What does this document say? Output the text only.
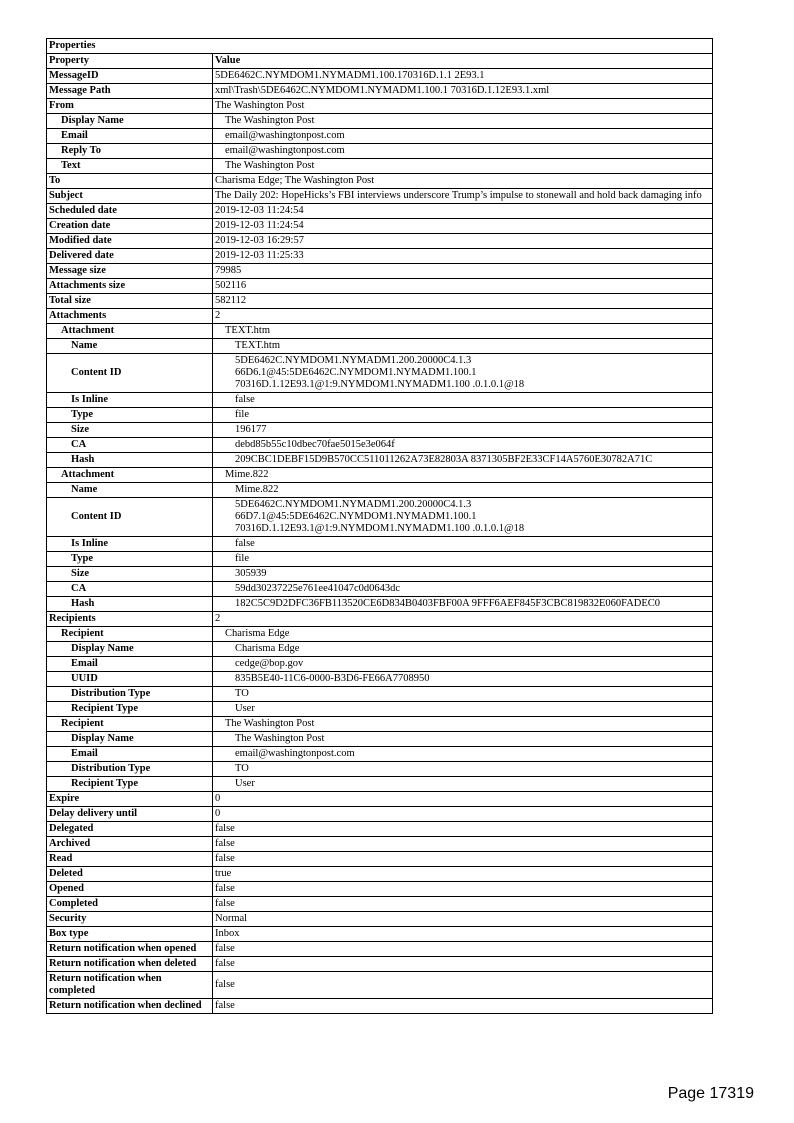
Properties	
Property	Value
MessageID	5DE6462C.NYMDOM1.NYMADM1.100.170316D.1.1 2E93.1
Message Path	xml\Trash\5DE6462C.NYMDOM1.NYMADM1.100.1 70316D.1.12E93.1.xml
From	The Washington Post
Display Name	The Washington Post
Email	email@washingtonpost.com
Reply To	email@washingtonpost.com
Text	The Washington Post
To	Charisma Edge; The Washington Post
Subject	The Daily 202: HopeHicks’s FBI interviews underscore Trump’s impulse to stonewall and hold back damaging info
Scheduled date	2019-12-03 11:24:54
Creation date	2019-12-03 11:24:54
Modified date	2019-12-03 16:29:57
Delivered date	2019-12-03 11:25:33
Message size	79985
Attachments size	502116
Total size	582112
Attachments	2
Attachment	TEXT.htm
Name	TEXT.htm
Content ID	5DE6462C.NYMDOM1.NYMADM1.200.20000C4.1.3
66D6.1@45:5DE6462C.NYMDOM1.NYMADM1.100.1
70316D.1.12E93.1@1:9.NYMDOM1.NYMADM1.100 .0.1.0.1@18
Is Inline	false
Type	file
Size	196177
CA	debd85b55c10dbec70fae5015e3e064f
Hash	209CBC1DEBF15D9B570CC511011262A73E82803A 8371305BF2E33CF14A5760E30782A71C
Attachment	Mime.822
Name	Mime.822
Content ID	5DE6462C.NYMDOM1.NYMADM1.200.20000C4.1.3
66D7.1@45:5DE6462C.NYMDOM1.NYMADM1.100.1
70316D.1.12E93.1@1:9.NYMDOM1.NYMADM1.100 .0.1.0.1@18
Is Inline	false
Type	file
Size	305939
CA	59dd30237225e761ee41047c0d0643dc
Hash	182C5C9D2DFC36FB113520CE6D834B0403FBF00A 9FFF6AEF845F3CBC819832E060FADEC0
Recipients	2
Recipient	Charisma Edge
Display Name	Charisma Edge
Email	cedge@bop.gov
UUID	835B5E40-11C6-0000-B3D6-FE66A7708950
Distribution Type	TO
Recipient Type	User
Recipient	The Washington Post
Display Name	The Washington Post
Email	email@washingtonpost.com
Distribution Type	TO
Recipient Type	User
Expire	0
Delay delivery until	0
Delegated	false
Archived	false
Read	false
Deleted	true
Opened	false
Completed	false
Security	Normal
Box type	Inbox
Return notification when opened	false
Return notification when deleted	false
Return notification when completed	false
Return notification when declined	false
Page 17319
